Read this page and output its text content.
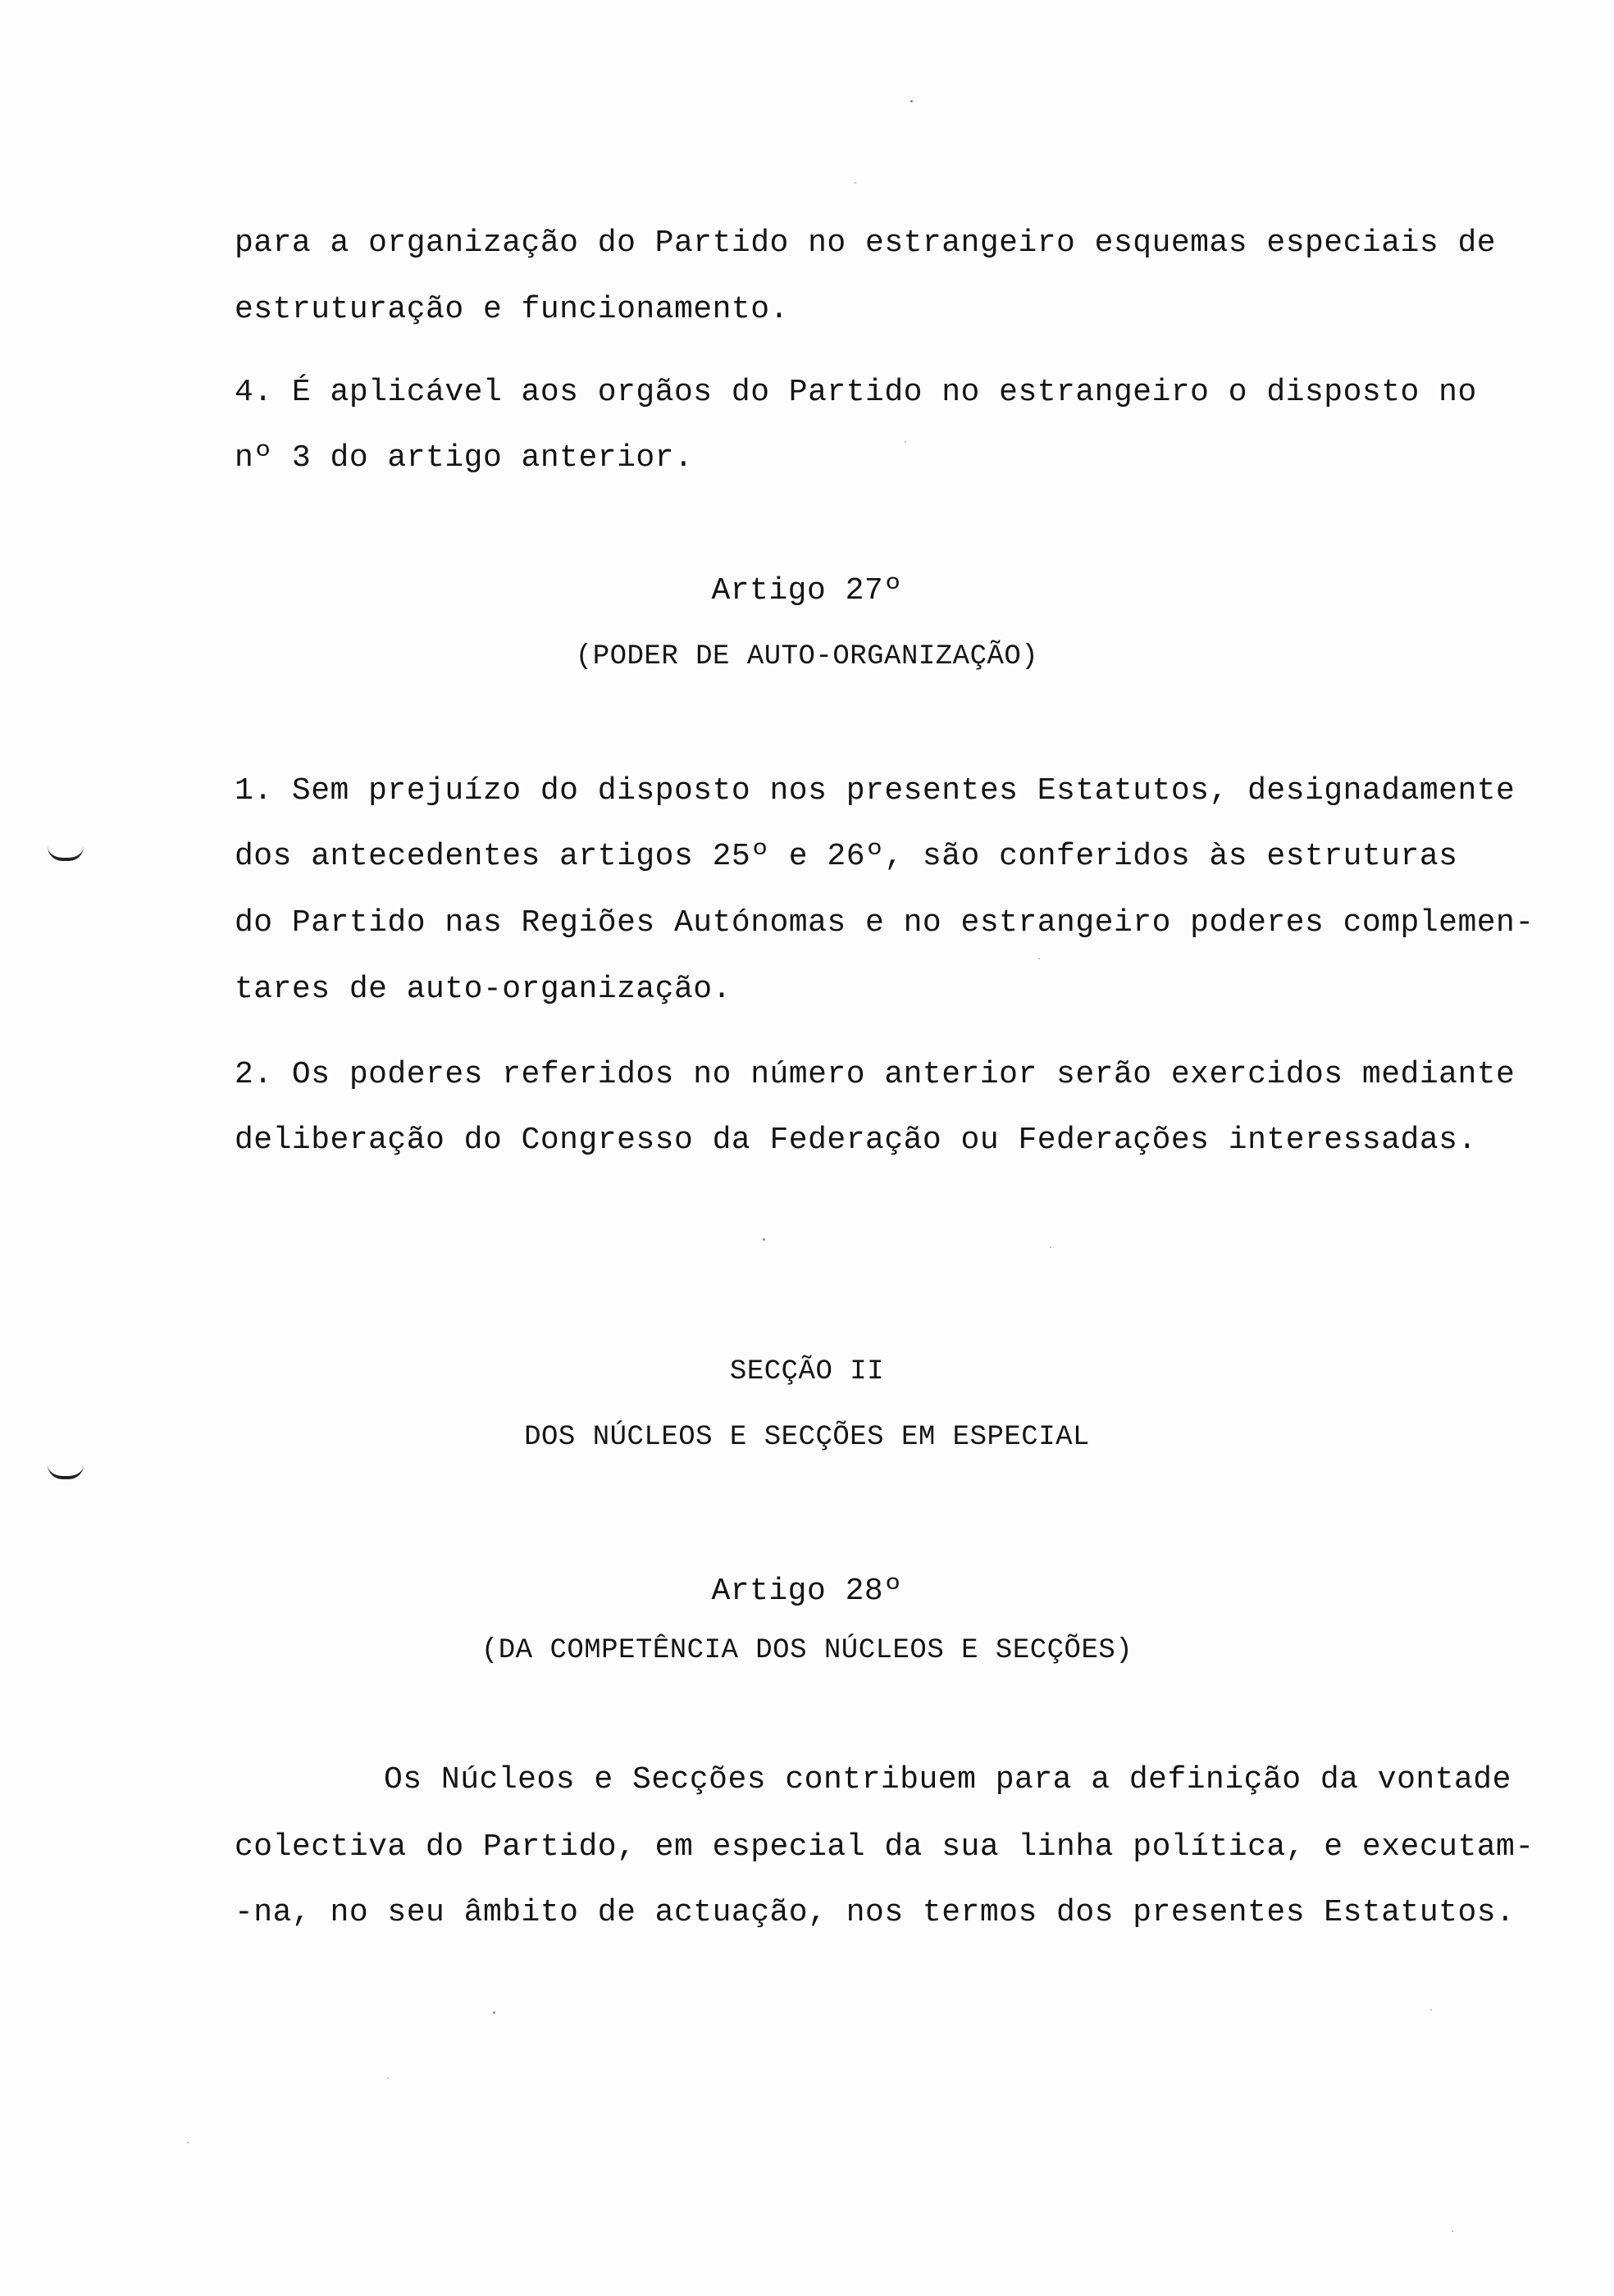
para a organização do Partido no estrangeiro esquemas especiais de
estruturação e funcionamento.
4. É aplicável aos orgãos do Partido no estrangeiro o disposto no
nº 3 do artigo anterior.
Artigo 27º
(PODER DE AUTO-ORGANIZAÇÃO)
1. Sem prejuízo do disposto nos presentes Estatutos, designadamente
dos antecedentes artigos 25º e 26º, são conferidos às estruturas
do Partido nas Regiões Autónomas e no estrangeiro poderes complemen-
tares de auto-organização.
2. Os poderes referidos no número anterior serão exercidos mediante
deliberação do Congresso da Federação ou Federações interessadas.
SECÇÃO II
DOS NÚCLEOS E SECÇÕES EM ESPECIAL
Artigo 28º
(DA COMPETÊNCIA DOS NÚCLEOS E SECÇÕES)
Os Núcleos e Secções contribuem para a definição da vontade
colectiva do Partido, em especial da sua linha política, e executam-
-na, no seu âmbito de actuação, nos termos dos presentes Estatutos.
